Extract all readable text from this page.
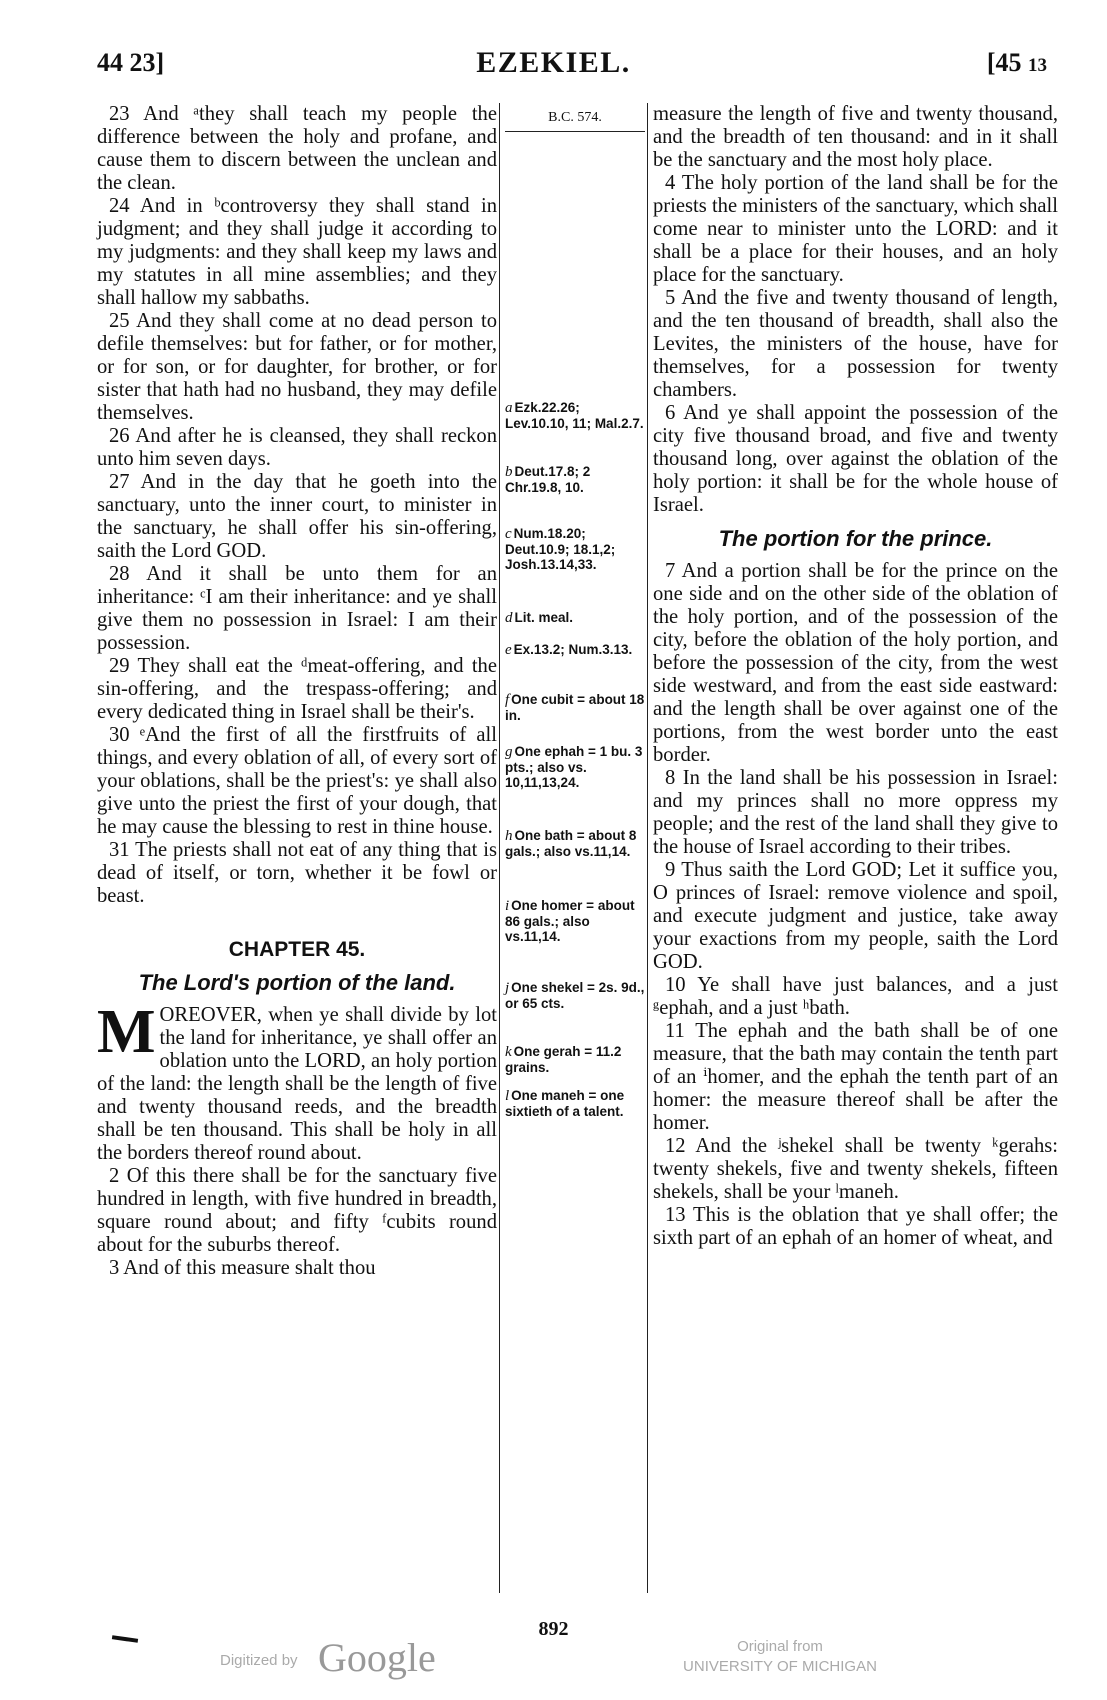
44 23]	EZEKIEL.	[45 13

23 And ᵃthey shall teach my people the difference between the holy and profane, and cause them to discern between the unclean and the clean.

24 And in ᵇcontroversy they shall stand in judgment; and they shall judge it according to my judgments: and they shall keep my laws and my statutes in all mine assemblies; and they shall hallow my sabbaths.

25 And they shall come at no dead person to defile themselves: but for father, or for mother, or for son, or for daughter, for brother, or for sister that hath had no husband, they may defile themselves.

26 And after he is cleansed, they shall reckon unto him seven days.

27 And in the day that he goeth into the sanctuary, unto the inner court, to minister in the sanctuary, he shall offer his sin-offering, saith the Lord GOD.

28 And it shall be unto them for an inheritance: ᶜI am their inheritance: and ye shall give them no possession in Israel: I am their possession.

29 They shall eat the ᵈmeat-offering, and the sin-offering, and the trespass-offering; and every dedicated thing in Israel shall be their's.

30 ᵉAnd the first of all the firstfruits of all things, and every oblation of all, of every sort of your oblations, shall be the priest's: ye shall also give unto the priest the first of your dough, that he may cause the blessing to rest in thine house.

31 The priests shall not eat of any thing that is dead of itself, or torn, whether it be fowl or beast.

CHAPTER 45.

The Lord's portion of the land.

MOREOVER, when ye shall divide by lot the land for inheritance, ye shall offer an oblation unto the LORD, an holy portion of the land: the length shall be the length of five and twenty thousand reeds, and the breadth shall be ten thousand. This shall be holy in all the borders thereof round about.

2 Of this there shall be for the sanctuary five hundred in length, with five hundred in breadth, square round about; and fifty ᶠcubits round about for the suburbs thereof.

3 And of this measure shalt thou

B.C. 574.
a Ezk.22.26; Lev.10.10, 11; Mal.2.7.
b Deut.17.8; 2 Chr.19.8, 10.
c Num.18.20; Deut.10.9; 18.1,2; Josh.13.14,33.
d Lit. meal.
e Ex.13.2; Num.3.13.
f One cubit = about 18 in.
g One ephah = 1 bu. 3 pts.; also vs. 10,11,13,24.
h One bath = about 8 gals.; also vs.11,14.
i One homer = about 86 gals.; also vs.11,14.
j One shekel = 2s. 9d., or 65 cts.
k One gerah = 11.2 grains.
l One maneh = one sixtieth of a talent.

measure the length of five and twenty thousand, and the breadth of ten thousand: and in it shall be the sanctuary and the most holy place.

4 The holy portion of the land shall be for the priests the ministers of the sanctuary, which shall come near to minister unto the LORD: and it shall be a place for their houses, and an holy place for the sanctuary.

5 And the five and twenty thousand of length, and the ten thousand of breadth, shall also the Levites, the ministers of the house, have for themselves, for a possession for twenty chambers.

6 And ye shall appoint the possession of the city five thousand broad, and five and twenty thousand long, over against the oblation of the holy portion: it shall be for the whole house of Israel.

The portion for the prince.

7 And a portion shall be for the prince on the one side and on the other side of the oblation of the holy portion, and of the possession of the city, before the oblation of the holy portion, and before the possession of the city, from the west side westward, and from the east side eastward: and the length shall be over against one of the portions, from the west border unto the east border.

8 In the land shall be his possession in Israel: and my princes shall no more oppress my people; and the rest of the land shall they give to the house of Israel according to their tribes.

9 Thus saith the Lord GOD; Let it suffice you, O princes of Israel: remove violence and spoil, and execute judgment and justice, take away your exactions from my people, saith the Lord GOD.

10 Ye shall have just balances, and a just ᵍephah, and a just ʰbath.

11 The ephah and the bath shall be of one measure, that the bath may contain the tenth part of an ⁱhomer, and the ephah the tenth part of an homer: the measure thereof shall be after the homer.

12 And the ʲshekel shall be twenty ᵏgerahs: twenty shekels, five and twenty shekels, fifteen shekels, shall be your ˡmaneh.

13 This is the oblation that ye shall offer; the sixth part of an ephah of an homer of wheat, and

892
Digitized by Google	Original from
UNIVERSITY OF MICHIGAN
